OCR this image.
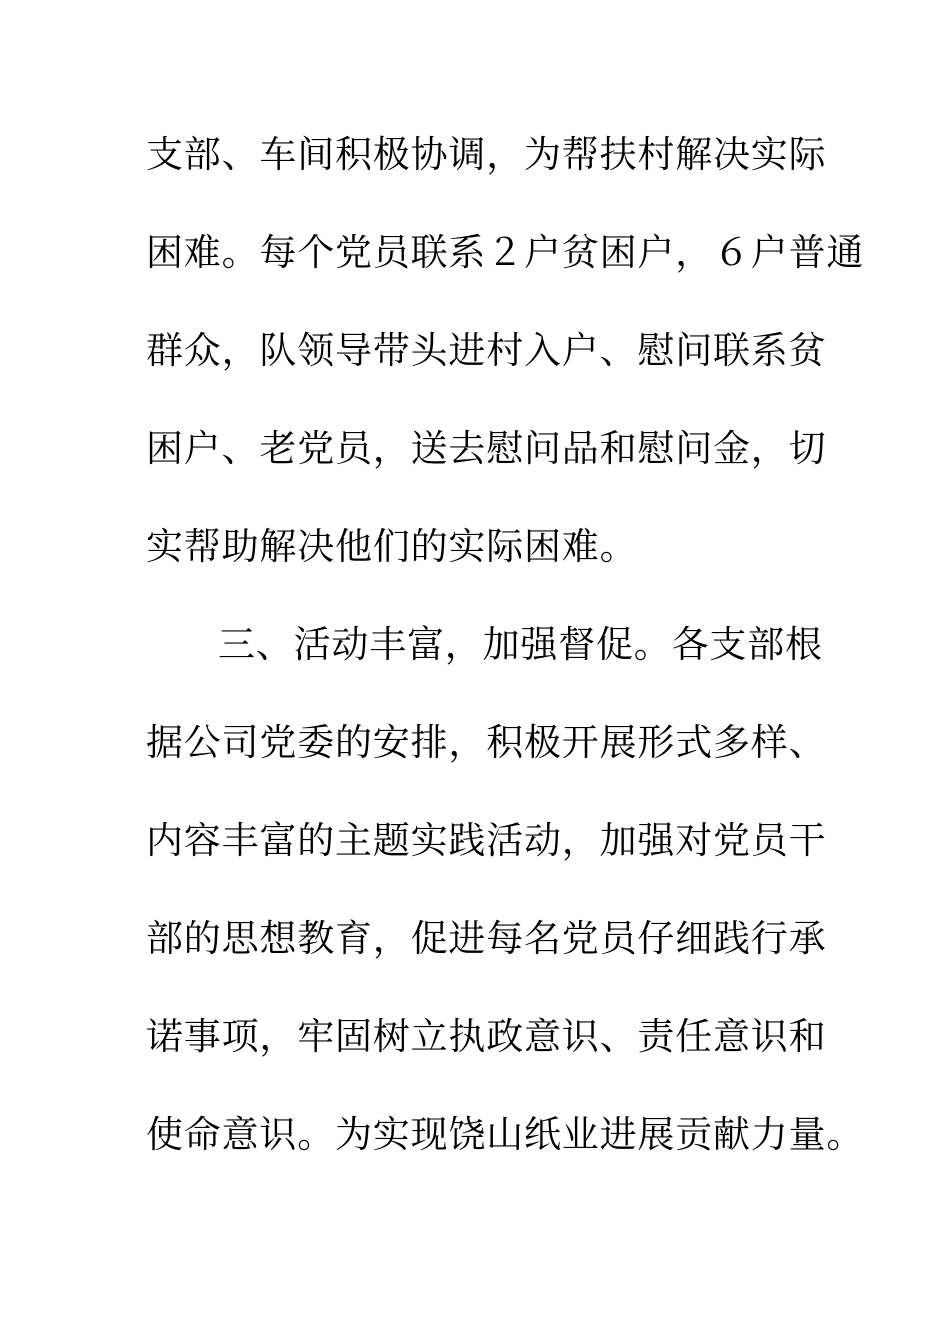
支部、车间积极协调，为帮扶村解决实际
困难。每个党员联系２户贫困户，６户普通
群众，队领导带头进村入户、慰问联系贫
困户、老党员，送去慰问品和慰问金，切
实帮助解决他们的实际困难。
三、活动丰富，加强督促。各支部根
据公司党委的安排，积极开展形式多样、
内容丰富的主题实践活动，加强对党员干
部的思想教育，促进每名党员仔细践行承
诺事项，牢固树立执政意识、责任意识和
使命意识。为实现饶山纸业进展贡献力量。
